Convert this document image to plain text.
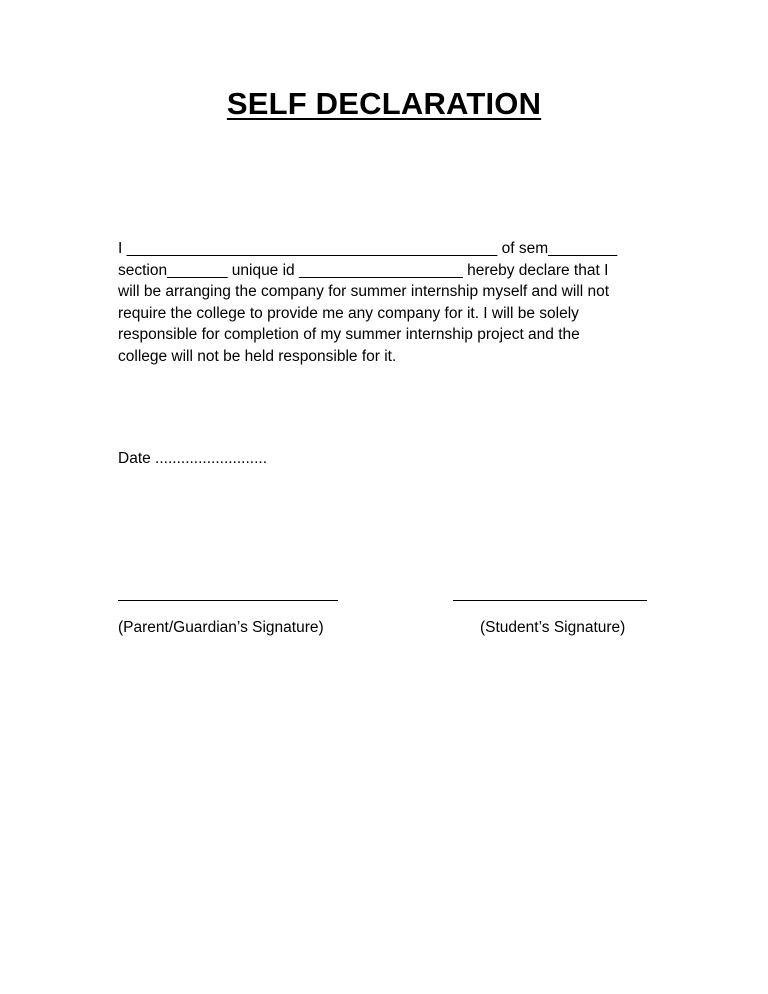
SELF DECLARATION
I ___________________________________________ of sem________
section_______ unique id ___________________ hereby declare that I
will be arranging the company for summer internship myself and will not
require the college to provide me any company for it. I will be solely
responsible for completion of my summer internship project and the
college will not be held responsible for it.
Date ..........................
(Parent/Guardian’s Signature)	(Student’s Signature)
